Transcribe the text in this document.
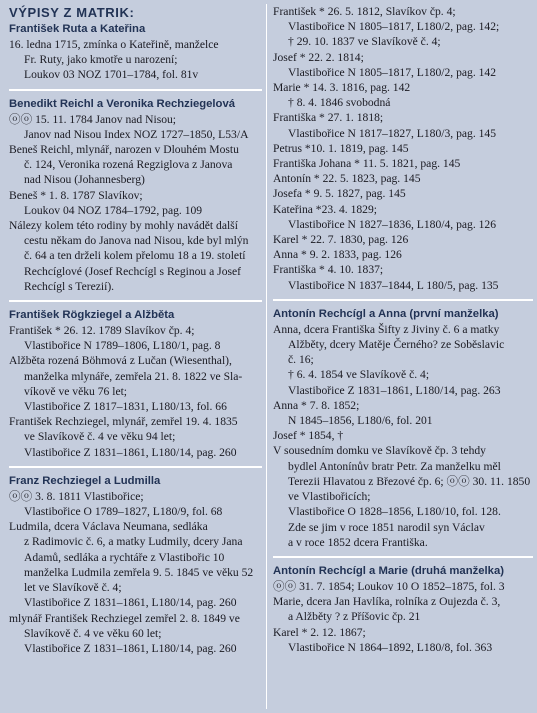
VÝPISY Z MATRIK:
František Ruta a Kateřina
16. ledna 1715, zmínka o Kateřině, manželce
Fr. Ruty, jako kmotře u narození;
Loukov 03 NOZ 1701–1784, fol. 81v
Benedikt Reichl a Veronika Rechziegelová
ⓞⓞ 15. 11. 1784 Janov nad Nisou;
Janov nad Nisou Index NOZ 1727–1850, L53/A
Beneš Reichl, mlynář, narozen v Dlouhém Mostu
č. 124, Veronika rozená Regziglova z Janova
nad Nisou (Johannesberg)
Beneš * 1. 8. 1787 Slavíkov;
Loukov 04 NOZ 1784–1792, pag. 109
Nálezy kolem této rodiny by mohly navádět další
cestu někam do Janova nad Nisou, kde byl mlýn
č. 64 a ten drželi kolem přelomu 18 a 19. století
Rechcíglové (Josef Rechcígl s Reginou a Josef
Rechcígl s Terezií).
František Rögkziegel a Alžběta
František * 26. 12. 1789 Slavíkov čp. 4;
Vlastibořice N 1789–1806, L180/1, pag. 8
Alžběta rozená Böhmová z Lučan (Wiesenthal),
manželka mlynáře, zemřela 21. 8. 1822 ve Sla-
víkově ve věku 76 let;
Vlastibořice Z 1817–1831, L180/13, fol. 66
František Rechziegel, mlynář, zemřel 19. 4. 1835
ve Slavíkově č. 4 ve věku 94 let;
Vlastibořice Z 1831–1861, L180/14, pag. 260
Franz Rechziegel a Ludmilla
ⓞⓞ 3. 8. 1811 Vlastibořice;
Vlastibořice O 1789–1827, L180/9, fol. 68
Ludmila, dcera Václava Neumana, sedláka
z Radimovic č. 6, a matky Ludmily, dcery Jana
Adamů, sedláka a rychtáře z Vlastibořic 10
manželka Ludmila zemřela 9. 5. 1845 ve věku 52
let ve Slavíkově č. 4;
Vlastibořice Z 1831–1861, L180/14, pag. 260
mlynář František Rechziegel zemřel 2. 8. 1849 ve
Slavíkově č. 4 ve věku 60 let;
Vlastibořice Z 1831–1861, L180/14, pag. 260
František * 26. 5. 1812, Slavíkov čp. 4;
Vlastibořice N 1805–1817, L180/2, pag. 142;
† 29. 10. 1837 ve Slavíkově č. 4;
Josef * 22. 2. 1814;
Vlastibořice N 1805–1817, L180/2, pag. 142
Marie * 14. 3. 1816, pag. 142
† 8. 4. 1846 svobodná
Františka * 27. 1. 1818;
Vlastibořice N 1817–1827, L180/3, pag. 145
Petrus *10. 1. 1819, pag. 145
Františka Johana * 11. 5. 1821, pag. 145
Antonín * 22. 5. 1823, pag. 145
Josefa * 9. 5. 1827, pag. 145
Kateřina *23. 4. 1829;
Vlastibořice N 1827–1836, L180/4, pag. 126
Karel * 22. 7. 1830, pag. 126
Anna * 9. 2. 1833, pag. 126
Františka * 4. 10. 1837;
Vlastibořice N 1837–1844, L 180/5, pag. 135
Antonín Rechcígl a Anna (první manželka)
Anna, dcera Františka Šifty z Jiviny č. 6 a matky
Alžběty, dcery Matěje Černého? ze Soběslavic
č. 16;
† 6. 4. 1854 ve Slavíkově č. 4;
Vlastibořice Z 1831–1861, L180/14, pag. 263
Anna * 7. 8. 1852;
N 1845–1856, L180/6, fol. 201
Josef * 1854, †
V sousedním domku ve Slavíkově čp. 3 tehdy
bydlel Antonínův bratr Petr. Za manželku měl
Terezii Hlavatou z Březové čp. 6; ⓞⓞ 30. 11. 1850
ve Vlastibořicích;
Vlastibořice O 1828–1856, L180/10, fol. 128.
Zde se jim v roce 1851 narodil syn Václav
a v roce 1852 dcera Františka.
Antonín Rechcígl a Marie (druhá manželka)
ⓞⓞ 31. 7. 1854; Loukov 10 O 1852–1875, fol. 3
Marie, dcera Jan Havlíka, rolníka z Oujezda č. 3,
a Alžběty ? z Příšovic čp. 21
Karel * 2. 12. 1867;
Vlastibořice N 1864–1892, L180/8, fol. 363
